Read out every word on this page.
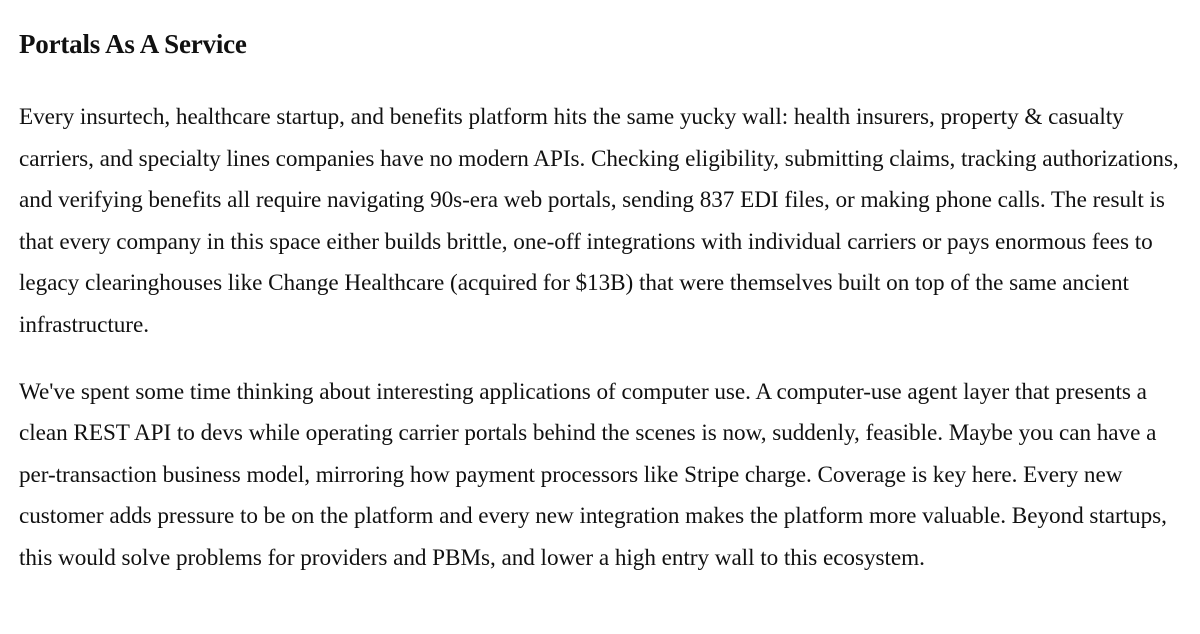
Portals As A Service

Every insurtech, healthcare startup, and benefits platform hits the same yucky wall: health insurers, property & casualty carriers, and specialty lines companies have no modern APIs. Checking eligibility, submitting claims, tracking authorizations, and verifying benefits all require navigating 90s-era web portals, sending 837 EDI files, or making phone calls. The result is that every company in this space either builds brittle, one-off integrations with individual carriers or pays enormous fees to legacy clearinghouses like Change Healthcare (acquired for $13B) that were themselves built on top of the same ancient infrastructure.

We've spent some time thinking about interesting applications of computer use. A computer-use agent layer that presents a clean REST API to devs while operating carrier portals behind the scenes is now, suddenly, feasible. Maybe you can have a per-transaction business model, mirroring how payment processors like Stripe charge. Coverage is key here. Every new customer adds pressure to be on the platform and every new integration makes the platform more valuable. Beyond startups, this would solve problems for providers and PBMs, and lower a high entry wall to this ecosystem.
